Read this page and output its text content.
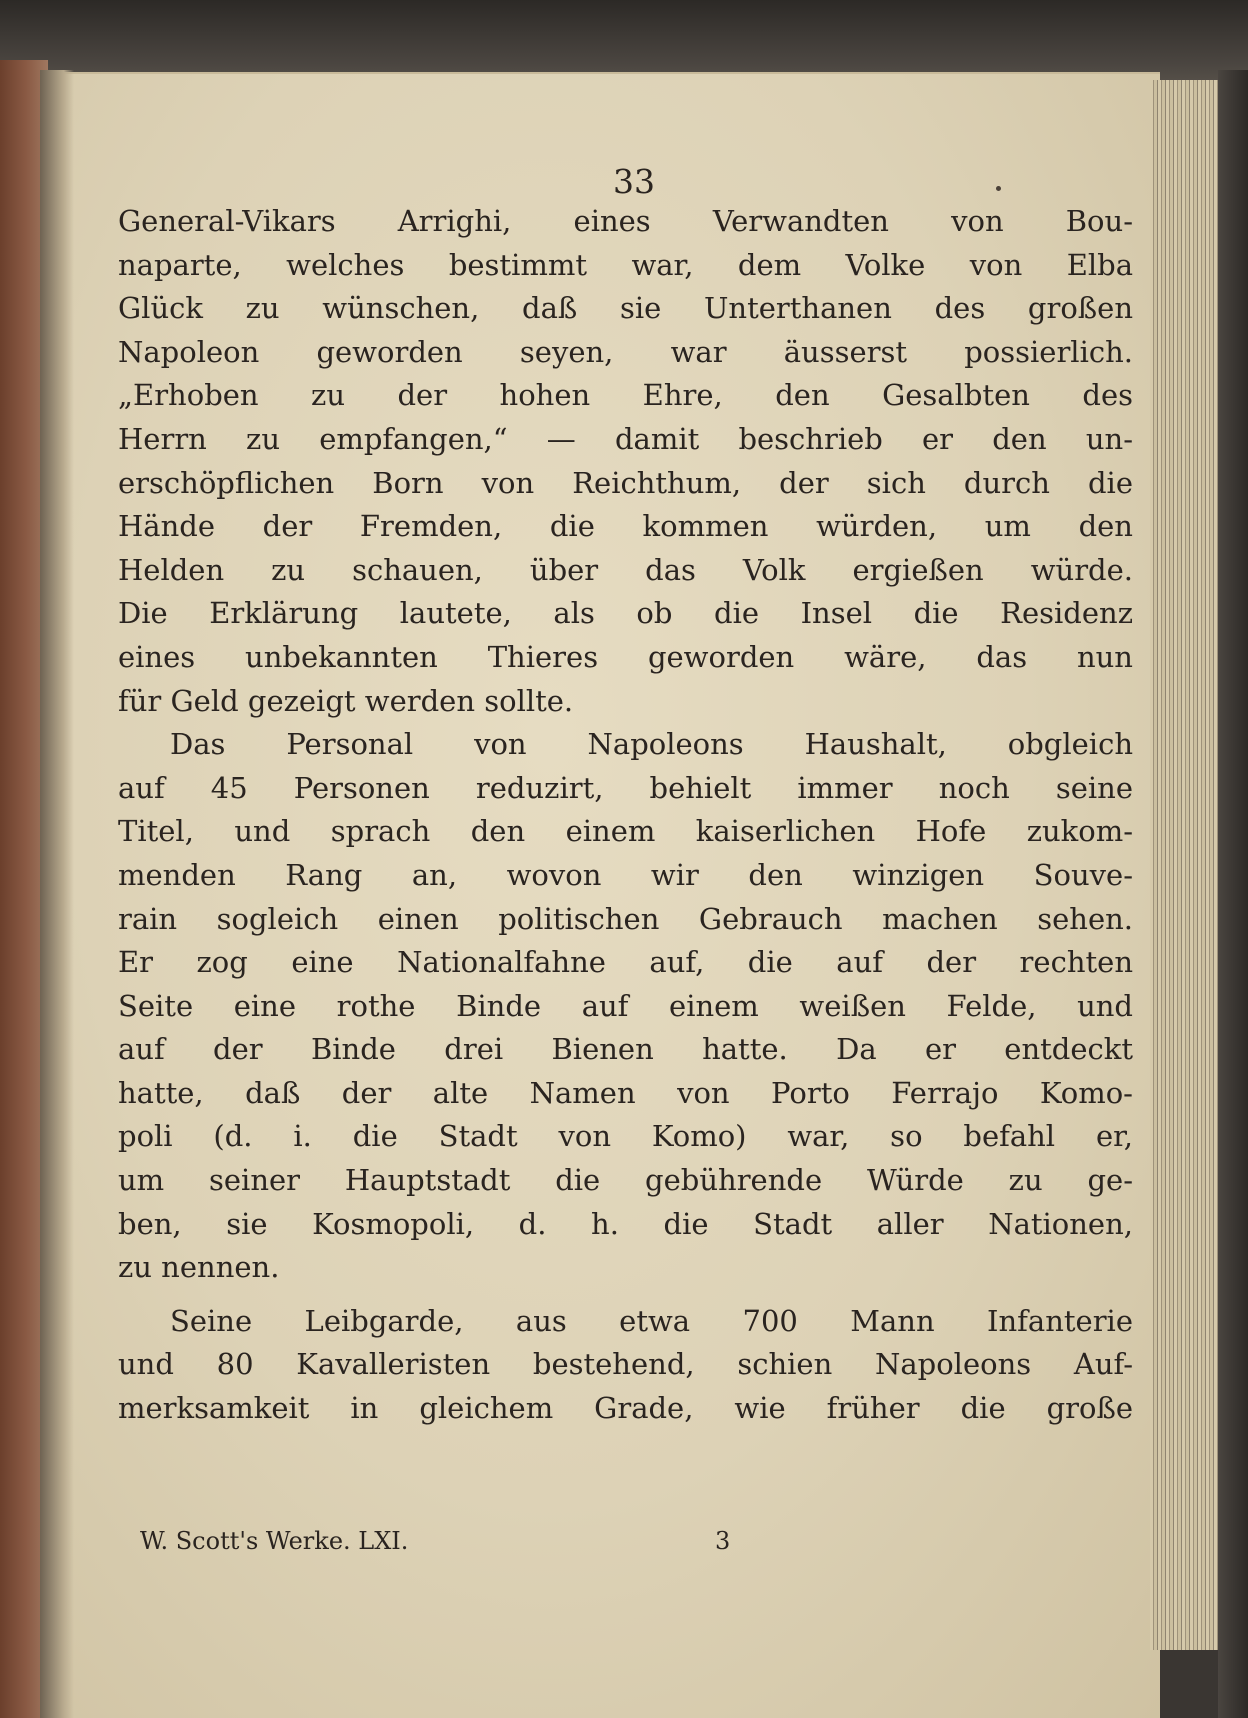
33
General-Vikars Arrighi, eines Verwandten von Bou-
naparte, welches bestimmt war, dem Volke von Elba
Glück zu wünschen, daß sie Unterthanen des großen
Napoleon geworden seyen, war äusserst possierlich.
„Erhoben zu der hohen Ehre, den Gesalbten des
Herrn zu empfangen,“ — damit beschrieb er den un-
erschöpflichen Born von Reichthum, der sich durch die
Hände der Fremden, die kommen würden, um den
Helden zu schauen, über das Volk ergießen würde.
Die Erklärung lautete, als ob die Insel die Residenz
eines unbekannten Thieres geworden wäre, das nun
für Geld gezeigt werden sollte.
Das Personal von Napoleons Haushalt, obgleich
auf 45 Personen reduzirt, behielt immer noch seine
Titel, und sprach den einem kaiserlichen Hofe zukom-
menden Rang an, wovon wir den winzigen Souve-
rain sogleich einen politischen Gebrauch machen sehen.
Er zog eine Nationalfahne auf, die auf der rechten
Seite eine rothe Binde auf einem weißen Felde, und
auf der Binde drei Bienen hatte. Da er entdeckt
hatte, daß der alte Namen von Porto Ferrajo Komo-
poli (d. i. die Stadt von Komo) war, so befahl er,
um seiner Hauptstadt die gebührende Würde zu ge-
ben, sie Kosmopoli, d. h. die Stadt aller Nationen,
zu nennen.
Seine Leibgarde, aus etwa 700 Mann Infanterie
und 80 Kavalleristen bestehend, schien Napoleons Auf-
merksamkeit in gleichem Grade, wie früher die große
W. Scott's Werke. LXI.	3
